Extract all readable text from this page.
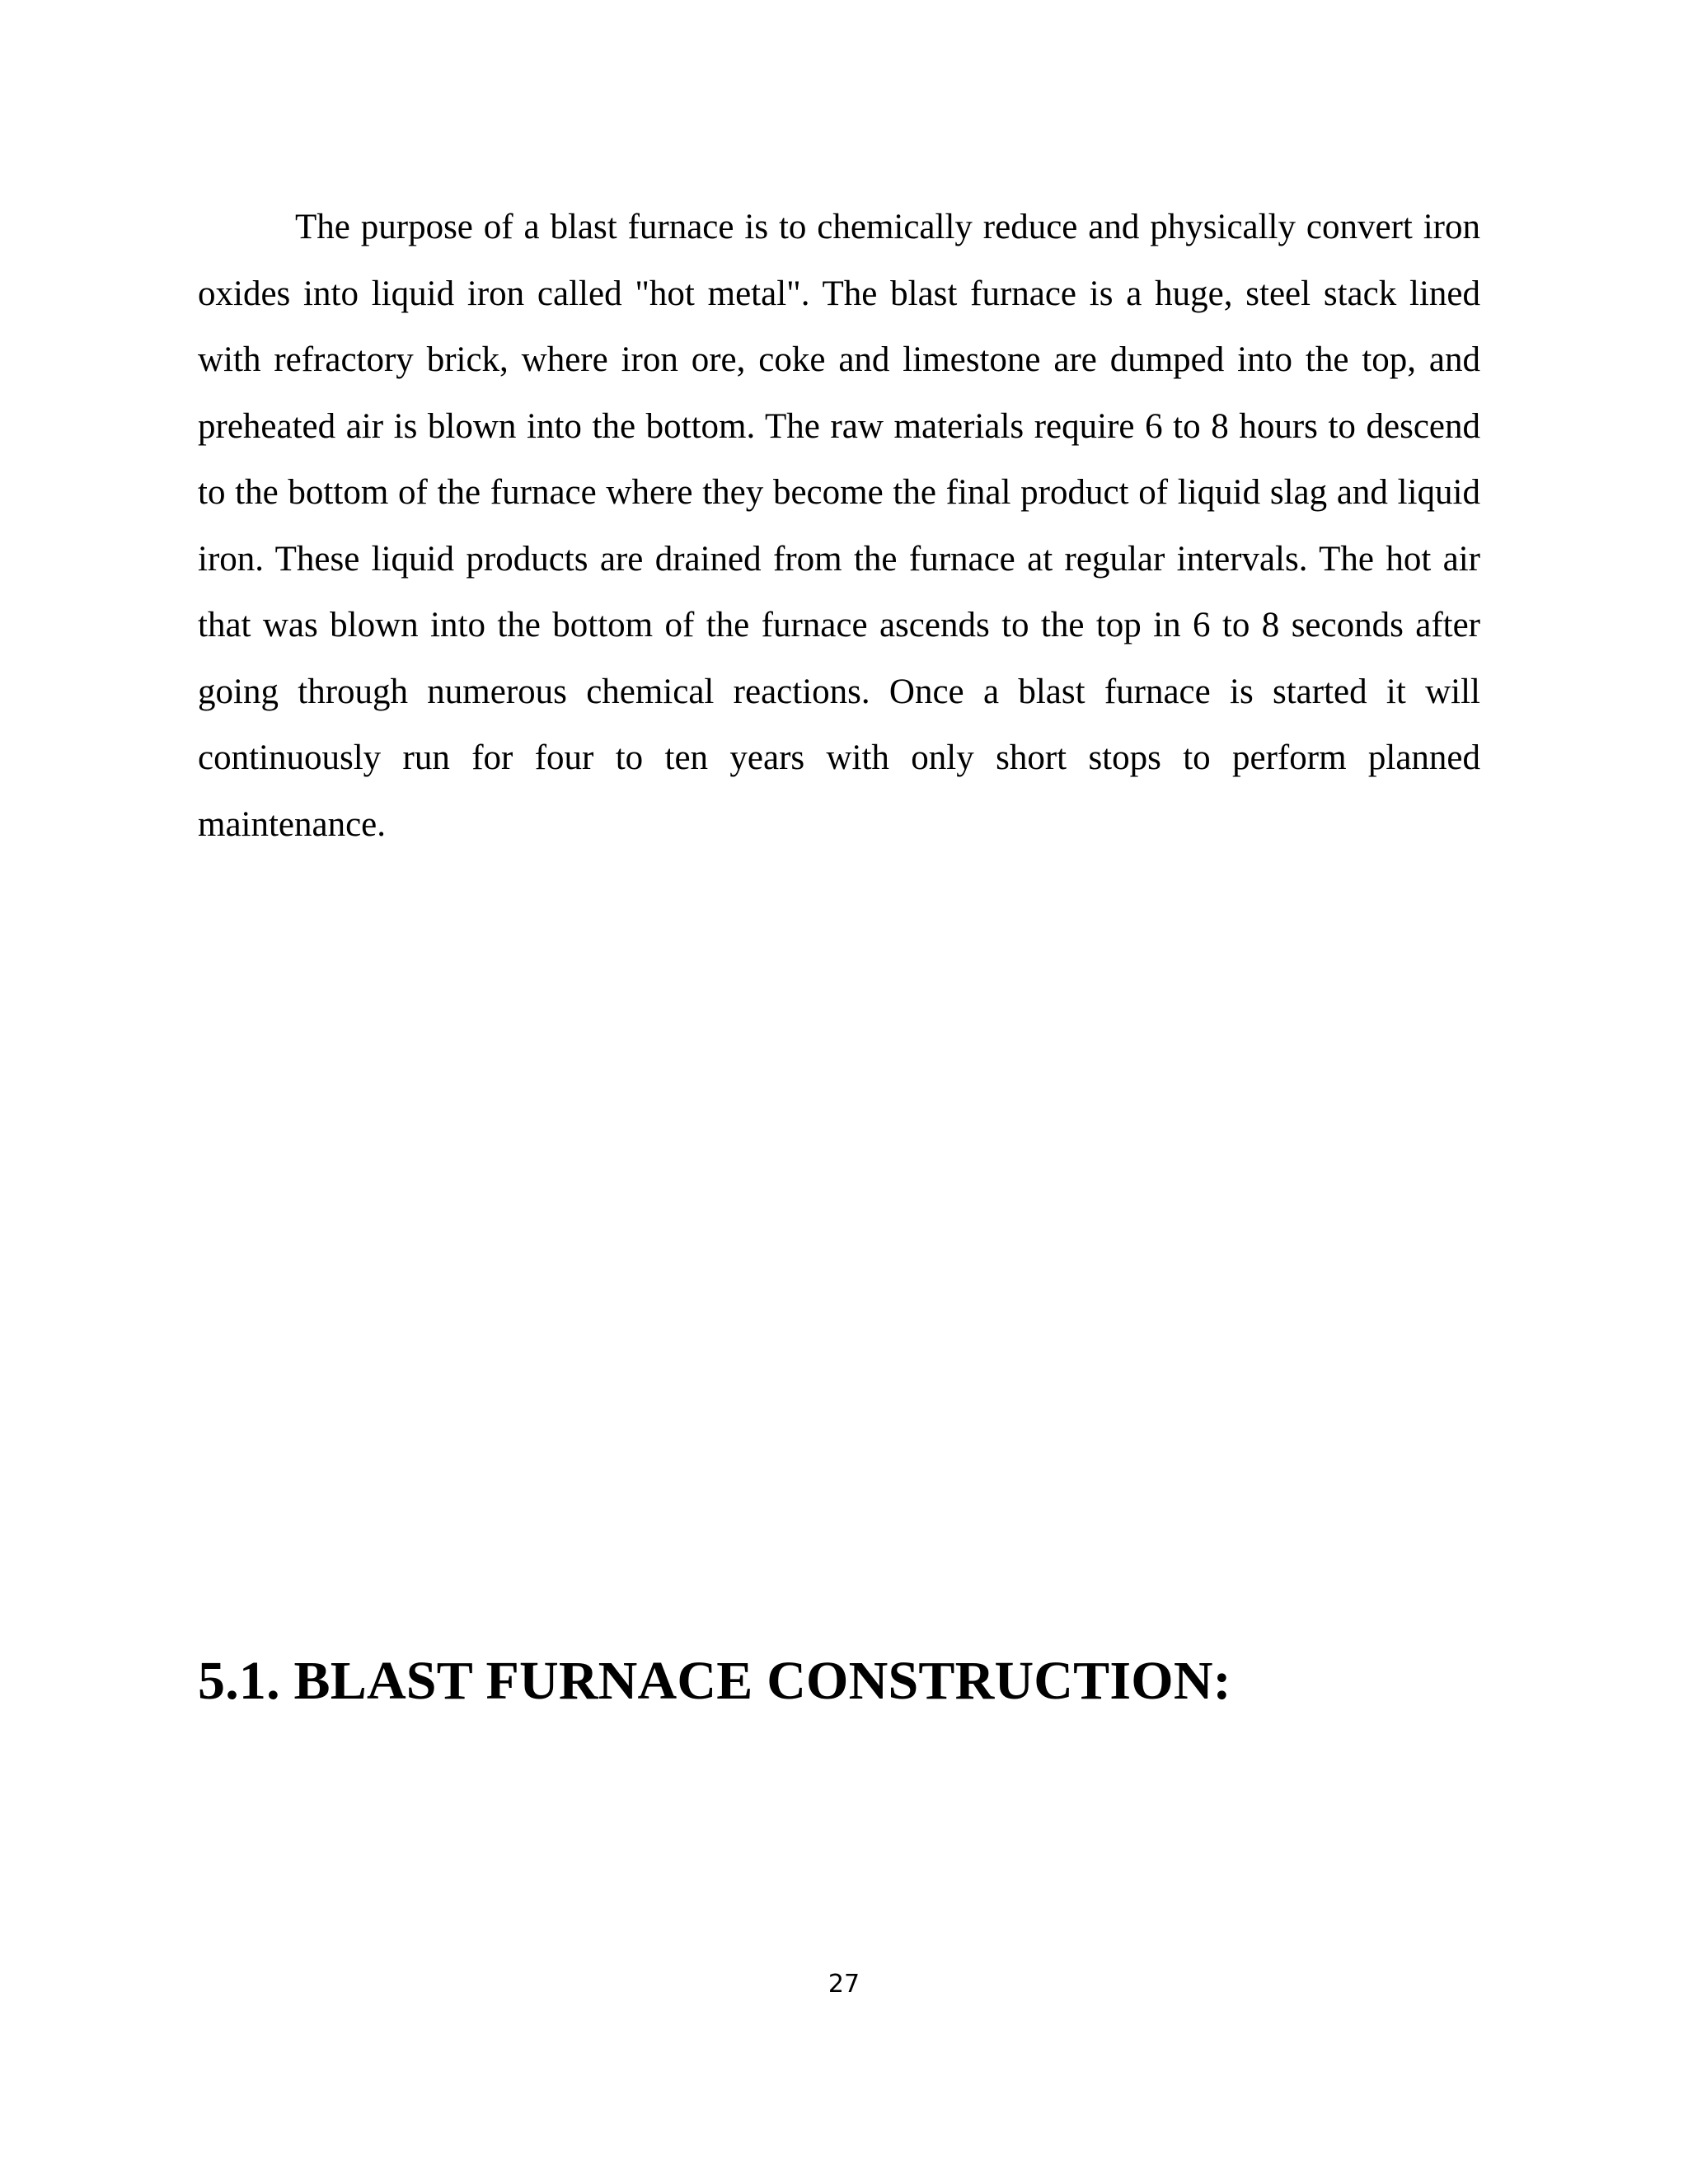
The purpose of a blast furnace is to chemically reduce and physically convert iron oxides into liquid iron called "hot metal". The blast furnace is a huge, steel stack lined with refractory brick, where iron ore, coke and limestone are dumped into the top, and preheated air is blown into the bottom. The raw materials require 6 to 8 hours to descend to the bottom of the furnace where they become the final product of liquid slag and liquid iron. These liquid products are drained from the furnace at regular intervals. The hot air that was blown into the bottom of the furnace ascends to the top in 6 to 8 seconds after going through numerous chemical reactions. Once a blast furnace is started it will continuously run for four to ten years with only short stops to perform planned maintenance.

5.1. BLAST FURNACE CONSTRUCTION:
27
